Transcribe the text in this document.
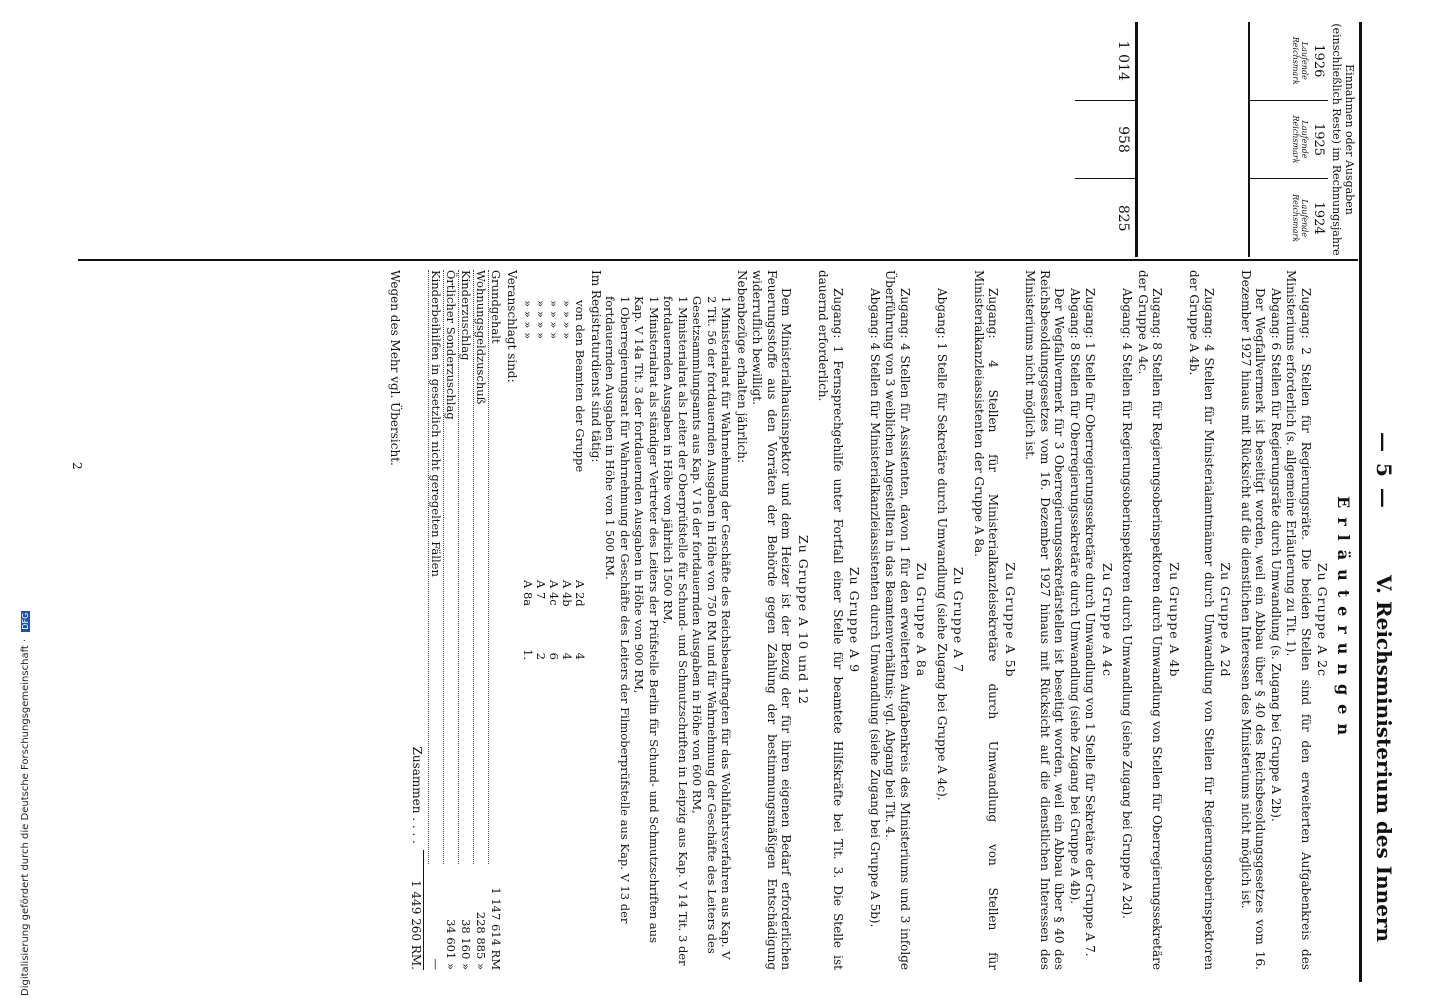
Digitalisierung gefördert durch die Deutsche Forschungsgemeinschaft · DFG
— 5 —
V. Reichsministerium des Innern
Einnahmen oder Ausgaben (einschließlich Reste) im Rechnungsjahre
1926
Laufende Reichsmark
1925
Laufende Reichsmark
1924
Laufende Reichsmark
1 014
958
825
Erläuterungen
Zu Gruppe A 2c

Zugang: 2 Stellen für Regierungsräte. Die beiden Stellen sind für den erweiterten Aufgabenkreis des Ministeriums erforderlich (s. allgemeine Erläuterung zu Tit. 1).

Abgang: 6 Stellen für Regierungsräte durch Umwandlung (s. Zugang bei Gruppe A 2b).

Der Wegfallvermerk ist beseitigt worden, weil ein Abbau über § 40 des Reichsbesoldungsgesetzes vom 16. Dezember 1927 hinaus mit Rücksicht auf die dienstlichen Interessen des Ministeriums nicht möglich ist.

Zu Gruppe A 2d

Zugang: 4 Stellen für Ministerialamtmänner durch Umwandlung von Stellen für Regierungsoberinspektoren der Gruppe A 4b.

Zu Gruppe A 4b

Zugang: 8 Stellen für Regierungsoberinspektoren durch Umwandlung von Stellen für Oberregierungssekretäre der Gruppe A 4c.

Abgang: 4 Stellen für Regierungsoberinspektoren durch Umwandlung (siehe Zugang bei Gruppe A 2d).

Zu Gruppe A 4c

Zugang: 1 Stelle für Oberregierungssekretäre durch Umwandlung von 1 Stelle für Sekretäre der Gruppe A 7.

Abgang: 8 Stellen für Oberregierungssekretäre durch Umwandlung (siehe Zugang bei Gruppe A 4b).

Der Wegfallvermerk für 3 Oberregierungssekretärstellen ist beseitigt worden, weil ein Abbau über § 40 des Reichsbesoldungsgesetzes vom 16. Dezember 1927 hinaus mit Rücksicht auf die dienstlichen Interessen des Ministeriums nicht möglich ist.

Zu Gruppe A 5b

Zugang: 4 Stellen für Ministerialkanzleisekretäre durch Umwandlung von Stellen für Ministerialkanzleiassistenten der Gruppe A 8a.

Zu Gruppe A 7

Abgang: 1 Stelle für Sekretäre durch Umwandlung (siehe Zugang bei Gruppe A 4c).

Zu Gruppe A 8a

Zugang: 4 Stellen für Assistenten, davon 1 für den erweiterten Aufgabenkreis des Ministeriums und 3 infolge Überführung von 3 weiblichen Angestellten in das Beamtenverhältnis; vgl. Abgang bei Tit. 4.

Abgang: 4 Stellen für Ministerialkanzleiassistenten durch Umwandlung (siehe Zugang bei Gruppe A 5b).

Zu Gruppe A 9

Zugang: 1 Fernsprechgehilfe unter Fortfall einer Stelle für beamtete Hilfskräfte bei Tit. 3. Die Stelle ist dauernd erforderlich.

Zu Gruppe A 10 und 12

Dem Ministerialhausinspektor und dem Heizer ist der Bezug der für ihren eigenen Bedarf erforderlichen Feuerungsstoffe aus den Vorräten der Behörde gegen Zahlung der bestimmungsmäßigen Entschädigung widerruflich bewilligt.

Nebenbezüge erhalten jährlich:

1 Ministerialrat für Wahrnehmung der Geschäfte des Reichsbeauftragten für das Wohlfahrtsverfahren aus Kap. V 2 Tit. 56 der fortdauernden Ausgaben in Höhe von 750 RM und für Wahrnehmung der Geschäfte des Leiters des Gesetzsammlungsamts aus Kap. V 16 der fortdauernden Ausgaben in Höhe von 600 RM,

1 Ministerialrat als Leiter der Oberprüfstelle für Schund- und Schmutzschriften in Leipzig aus Kap. V 14 Tit. 3 der fortdauernden Ausgaben in Höhe von jährlich 1500 RM,

1 Ministerialrat als ständiger Vertreter des Leiters der Prüfstelle Berlin für Schund- und Schmutzschriften aus Kap. V 14a Tit. 3 der fortdauernden Ausgaben in Höhe von 900 RM,

1 Oberregierungsrat für Wahrnehmung der Geschäfte des Leiters der Filmoberprüfstelle aus Kap. V 13 der fortdauernden Ausgaben in Höhe von 1 500 RM.

Im Registraturdienst sind tätig:

von den Beamten der Gruppe
A 2d
4
» » » »
A 4b
4
» » » »
A 4c
6
» » » »
A 7
2
» » » »
A 8a
1.

Veranschlagt sind:

Grundgehalt
1 147 614 RM
Wohnungsgeldzuschuß
228 885 »
Kinderzuschlag
38 160 »
Örtlicher Sonderzuschlag
34 601 »
Kinderbeihilfen in gesetzlich nicht geregelten Fällen
—
Zusammen . . . .
1 449 260 RM.

Wegen des Mehr vgl. Übersicht.

2
